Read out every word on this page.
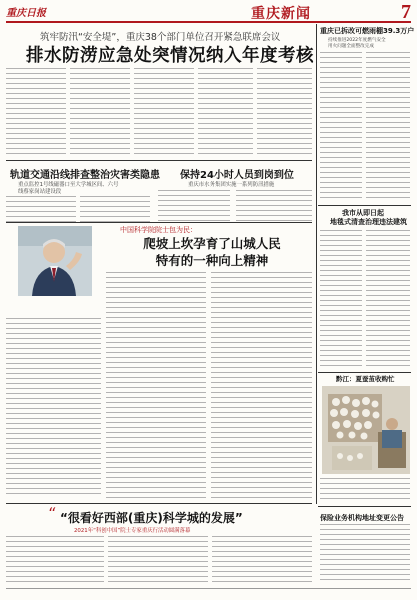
重庆日报	重庆新闻	7
筑牢防汛“安全堤”，重庆38个部门单位召开紧急联席会议
排水防涝应急处突情况纳入年度考核
轨道交通沿线排查整治灾害类隐患
重点监控1号线磁器口至大学城区间、六号
线蔡家岗站建设段
保持24小时人员到岗到位
重庆市水务集团实施一系列防汛措施
重庆已拆改可燃雨棚39.3万户
持续推进2022年度燃气安全
用火问题全面整改完成
我市从即日起
地毯式清查治理违法建筑
黔江：夏蚕茧收购忙
中国科学院院士包为民：
爬坡上坎孕育了山城人民
特有的一种向上精神
“ “很看好西部(重庆)科学城的发展”
2021年“科创中国”院士专家重庆行活动圆满落幕
保险业务机构地址变更公告
